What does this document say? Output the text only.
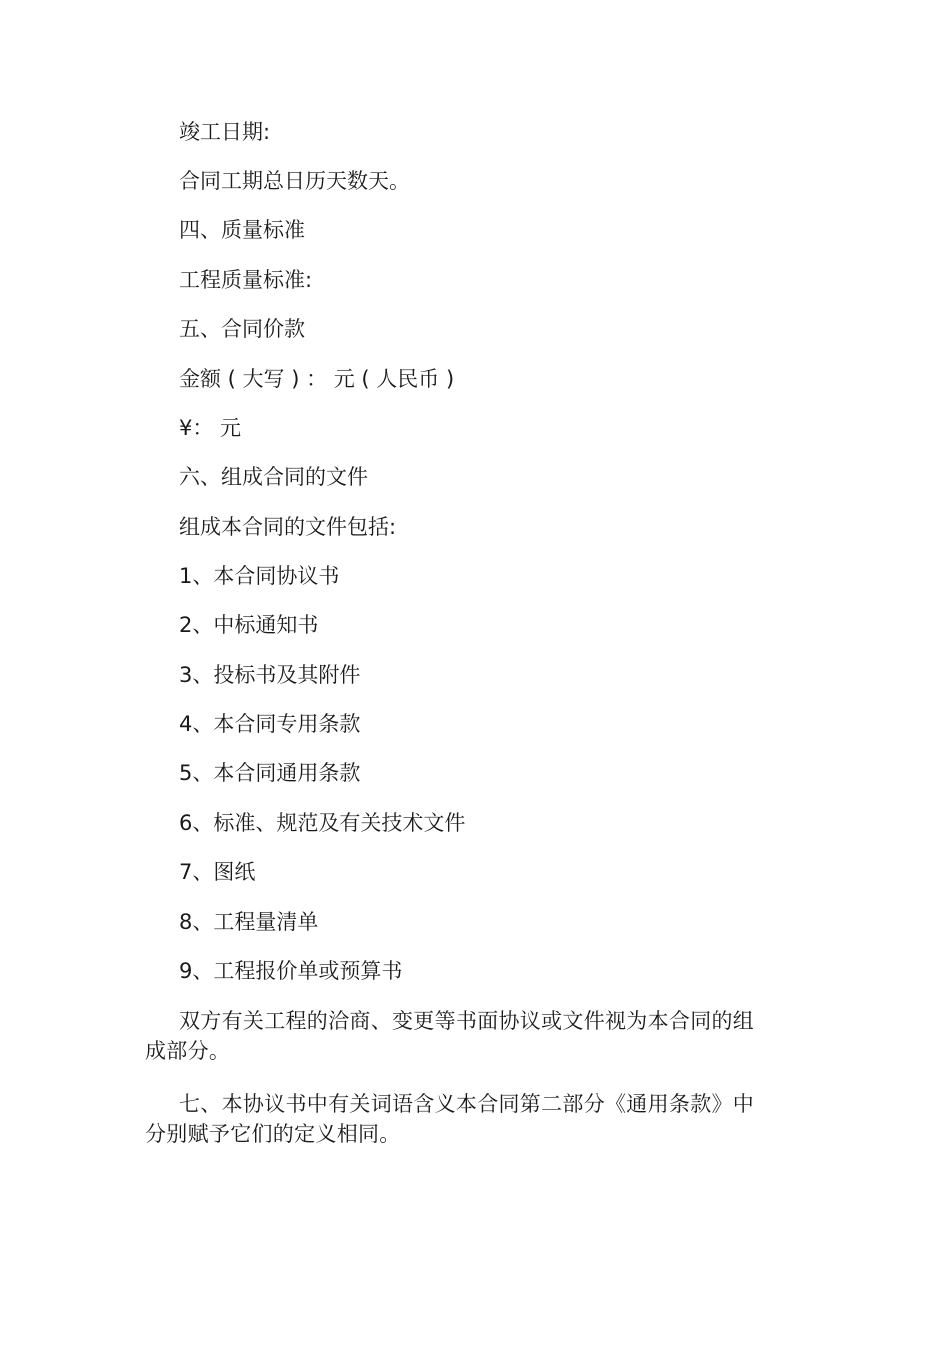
竣工日期:
合同工期总日历天数天。
四、质量标准
工程质量标准:
五、合同价款
金额 ( 大写 ) ： 元 ( 人民币 )
¥： 元
六、组成合同的文件
组成本合同的文件包括:
1、本合同协议书
2、中标通知书
3、投标书及其附件
4、本合同专用条款
5、本合同通用条款
6、标准、规范及有关技术文件
7、图纸
8、工程量清单
9、工程报价单或预算书
双方有关工程的洽商、变更等书面协议或文件视为本合同的组成部分。
七、本协议书中有关词语含义本合同第二部分《通用条款》中分别赋予它们的定义相同。
